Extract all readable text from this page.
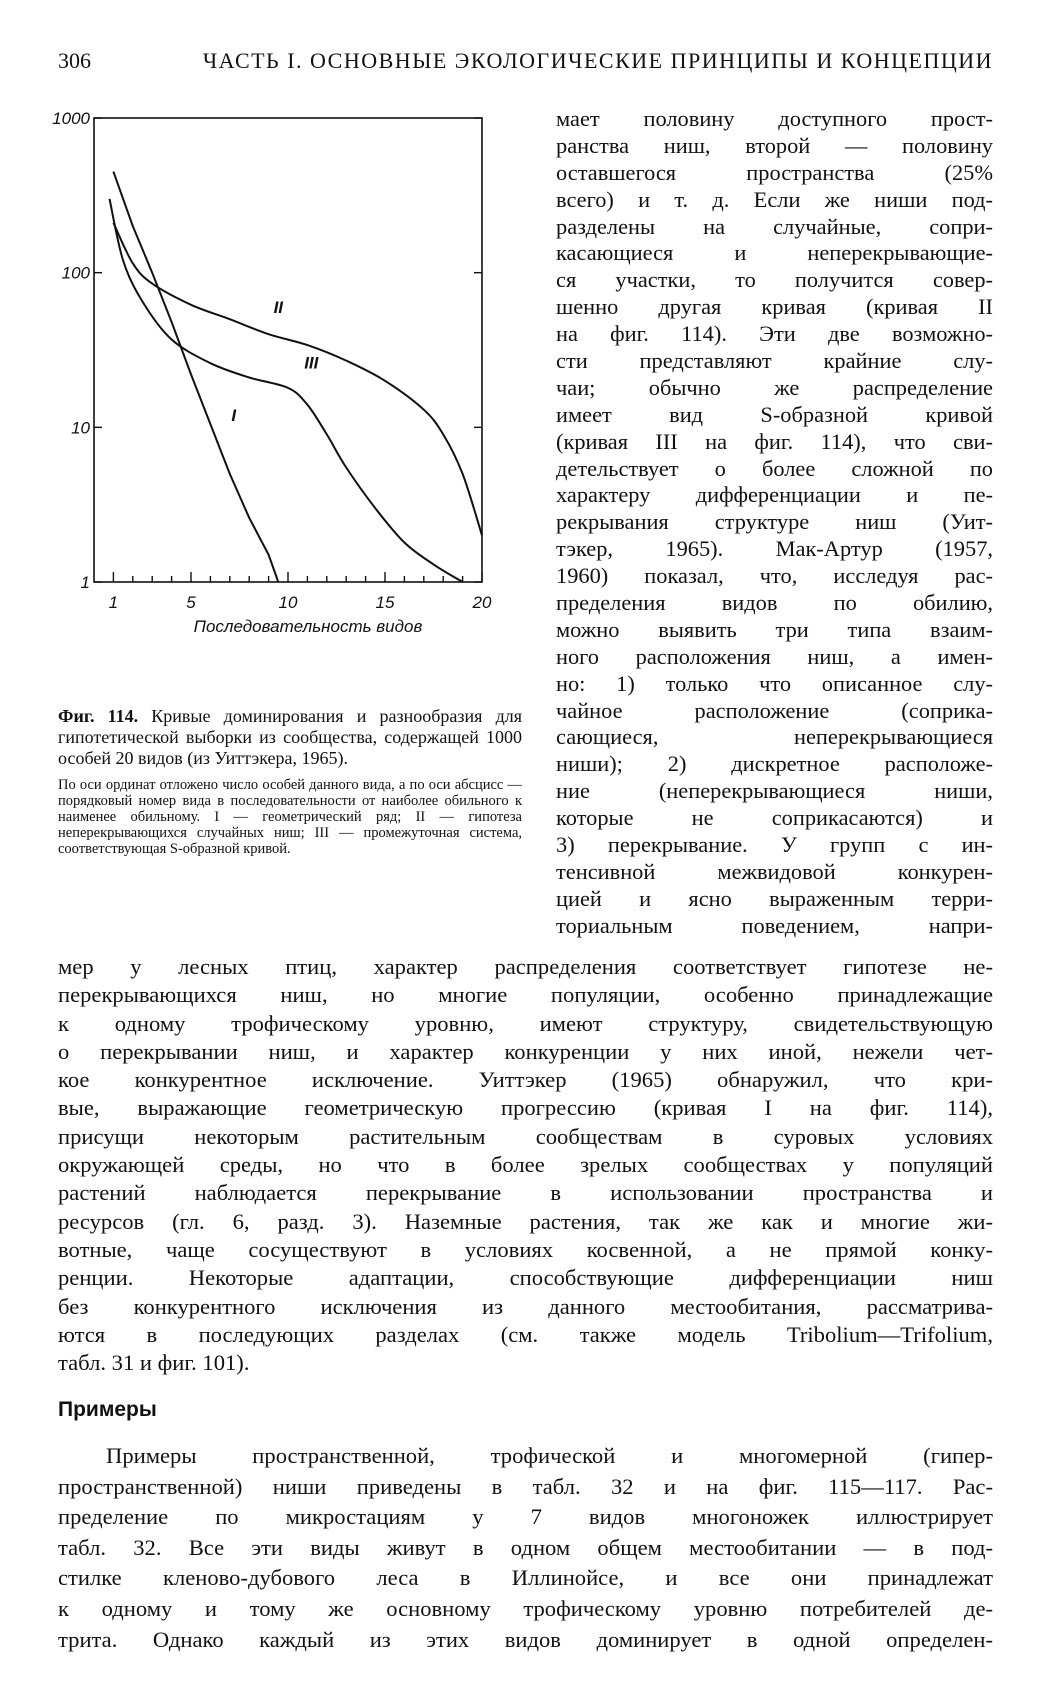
306	ЧАСТЬ I. ОСНОВНЫЕ ЭКОЛОГИЧЕСКИЕ ПРИНЦИПЫ И КОНЦЕПЦИИ
1	5	10	15	20
1
10
100
1000
Последовательность видов
I
II
III

Фиг. 114. Кривые доминирования и разнообразия для гипотетической выборки из сообщества, содержащей 1000 особей 20 видов (из Уиттэкера, 1965).

По оси ординат отложено число особей данного вида, а по оси абсциcс — порядковый номер вида в последовательности от наиболее обильного к наименее обильному. I — геометрический ряд; II — гипотеза неперекрывающихся случайных ниш; III — промежуточная система, соответствующая S-образной кривой.

мает половину доступного прост-
ранства ниш, второй — половину
оставшегося пространства (25%
всего) и т. д. Если же ниши под-
разделены на случайные, сопри-
касающиеся и неперекрывающие-
ся участки, то получится совер-
шенно другая кривая (кривая II
на фиг. 114). Эти две возможно-
сти представляют крайние слу-
чаи; обычно же распределение
имеет вид S-образной кривой
(кривая III на фиг. 114), что сви-
детельствует о более сложной по
характеру дифференциации и пе-
рекрывания структуре ниш (Уит-
тэкер, 1965). Мак-Артур (1957,
1960) показал, что, исследуя рас-
пределения видов по обилию,
можно выявить три типа взаим-
ного расположения ниш, а имен-
но: 1) только что описанное слу-
чайное расположение (соприка-
сающиеся, неперекрывающиеся
ниши); 2) дискретное расположе-
ние (неперекрывающиеся ниши,
которые не соприкасаются) и
3) перекрывание. У групп с ин-
тенсивной межвидовой конкурен-
цией и ясно выраженным терри-
ториальным поведением, напри-
мер у лесных птиц, характер распределения соответствует гипотезе не-
перекрывающихся ниш, но многие популяции, особенно принадлежащие
к одному трофическому уровню, имеют структуру, свидетельствующую
о перекрывании ниш, и характер конкуренции у них иной, нежели чет-
кое конкурентное исключение. Уиттэкер (1965) обнаружил, что кри-
вые, выражающие геометрическую прогрессию (кривая I на фиг. 114),
присущи некоторым растительным сообществам в суровых условиях
окружающей среды, но что в более зрелых сообществах у популяций
растений наблюдается перекрывание в использовании пространства и
ресурсов (гл. 6, разд. 3). Наземные растения, так же как и многие жи-
вотные, чаще сосуществуют в условиях косвенной, а не прямой конку-
ренции. Некоторые адаптации, способствующие дифференциации ниш
без конкурентного исключения из данного местообитания, рассматрива-
ются в последующих разделах (см. также модель Tribolium—Trifolium,
табл. 31 и фиг. 101).
Примеры
Примеры пространственной, трофической и многомерной (гипер-
пространственной) ниши приведены в табл. 32 и на фиг. 115—117. Рас-
пределение по микростациям у 7 видов многоножек иллюстрирует
табл. 32. Все эти виды живут в одном общем местообитании — в под-
стилке кленово-дубового леса в Иллинойсе, и все они принадлежат
к одному и тому же основному трофическому уровню потребителей де-
трита. Однако каждый из этих видов доминирует в одной определен-
